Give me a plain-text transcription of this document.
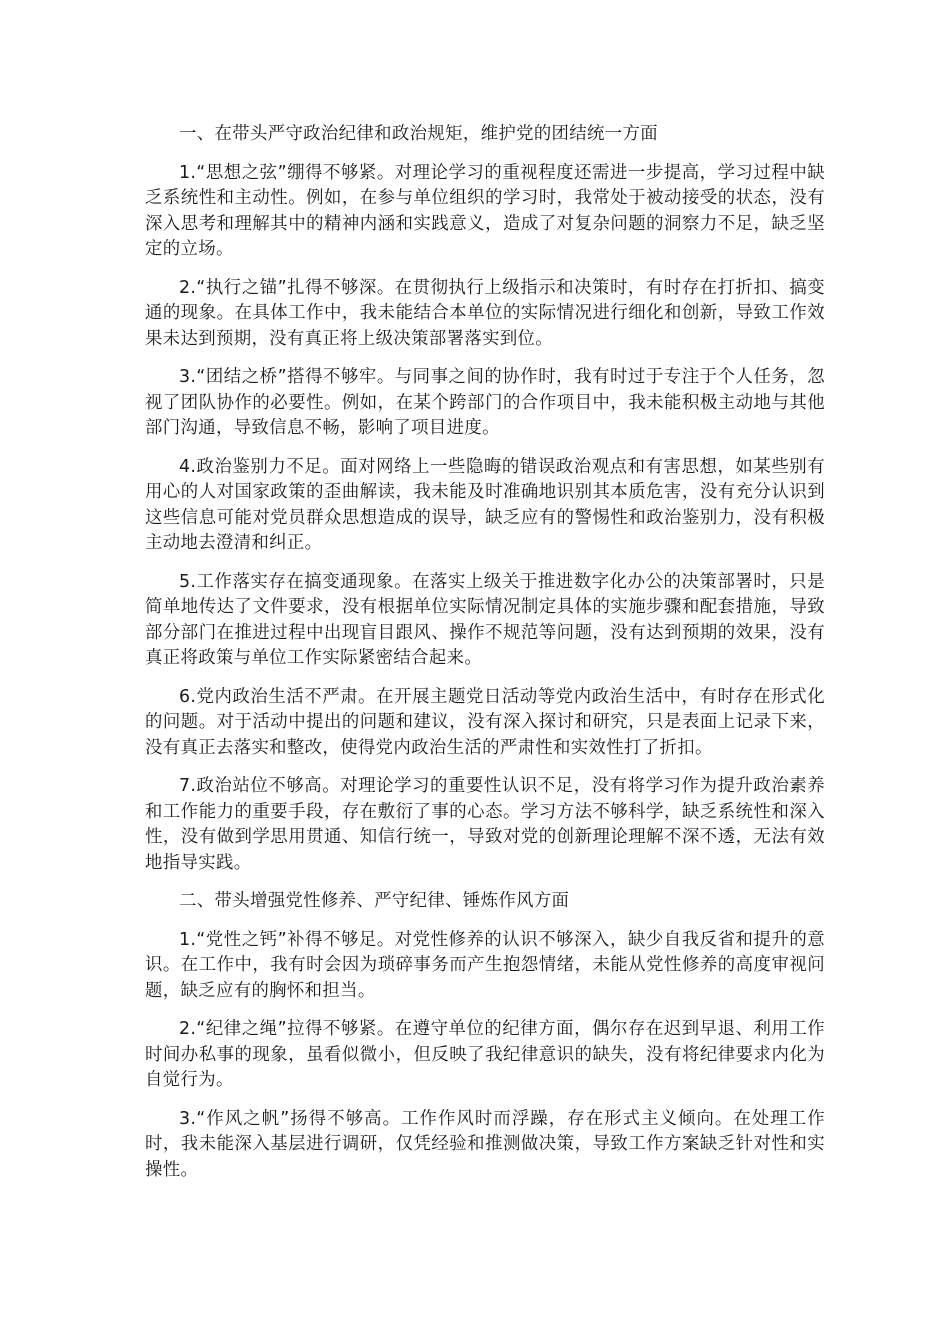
一、在带头严守政治纪律和政治规矩，维护党的团结统一方面

1.“思想之弦”绷得不够紧。对理论学习的重视程度还需进一步提高，学习过程中缺乏系统性和主动性。例如，在参与单位组织的学习时，我常处于被动接受的状态，没有深入思考和理解其中的精神内涵和实践意义，造成了对复杂问题的洞察力不足，缺乏坚定的立场。

2.“执行之锚”扎得不够深。在贯彻执行上级指示和决策时，有时存在打折扣、搞变通的现象。在具体工作中，我未能结合本单位的实际情况进行细化和创新，导致工作效果未达到预期，没有真正将上级决策部署落实到位。

3.“团结之桥”搭得不够牢。与同事之间的协作时，我有时过于专注于个人任务，忽视了团队协作的必要性。例如，在某个跨部门的合作项目中，我未能积极主动地与其他部门沟通，导致信息不畅，影响了项目进度。

4.政治鉴别力不足。面对网络上一些隐晦的错误政治观点和有害思想，如某些别有用心的人对国家政策的歪曲解读，我未能及时准确地识别其本质危害，没有充分认识到这些信息可能对党员群众思想造成的误导，缺乏应有的警惕性和政治鉴别力，没有积极主动地去澄清和纠正。

5.工作落实存在搞变通现象。在落实上级关于推进数字化办公的决策部署时，只是简单地传达了文件要求，没有根据单位实际情况制定具体的实施步骤和配套措施，导致部分部门在推进过程中出现盲目跟风、操作不规范等问题，没有达到预期的效果，没有真正将政策与单位工作实际紧密结合起来。

6.党内政治生活不严肃。在开展主题党日活动等党内政治生活中，有时存在形式化的问题。对于活动中提出的问题和建议，没有深入探讨和研究，只是表面上记录下来，没有真正去落实和整改，使得党内政治生活的严肃性和实效性打了折扣。

7.政治站位不够高。对理论学习的重要性认识不足，没有将学习作为提升政治素养和工作能力的重要手段，存在敷衍了事的心态。学习方法不够科学，缺乏系统性和深入性，没有做到学思用贯通、知信行统一，导致对党的创新理论理解不深不透，无法有效地指导实践。

二、带头增强党性修养、严守纪律、锤炼作风方面

1.“党性之钙”补得不够足。对党性修养的认识不够深入，缺少自我反省和提升的意识。在工作中，我有时会因为琐碎事务而产生抱怨情绪，未能从党性修养的高度审视问题，缺乏应有的胸怀和担当。

2.“纪律之绳”拉得不够紧。在遵守单位的纪律方面，偶尔存在迟到早退、利用工作时间办私事的现象，虽看似微小，但反映了我纪律意识的缺失，没有将纪律要求内化为自觉行为。

3.“作风之帆”扬得不够高。工作作风时而浮躁，存在形式主义倾向。在处理工作时，我未能深入基层进行调研，仅凭经验和推测做决策，导致工作方案缺乏针对性和实操性。
